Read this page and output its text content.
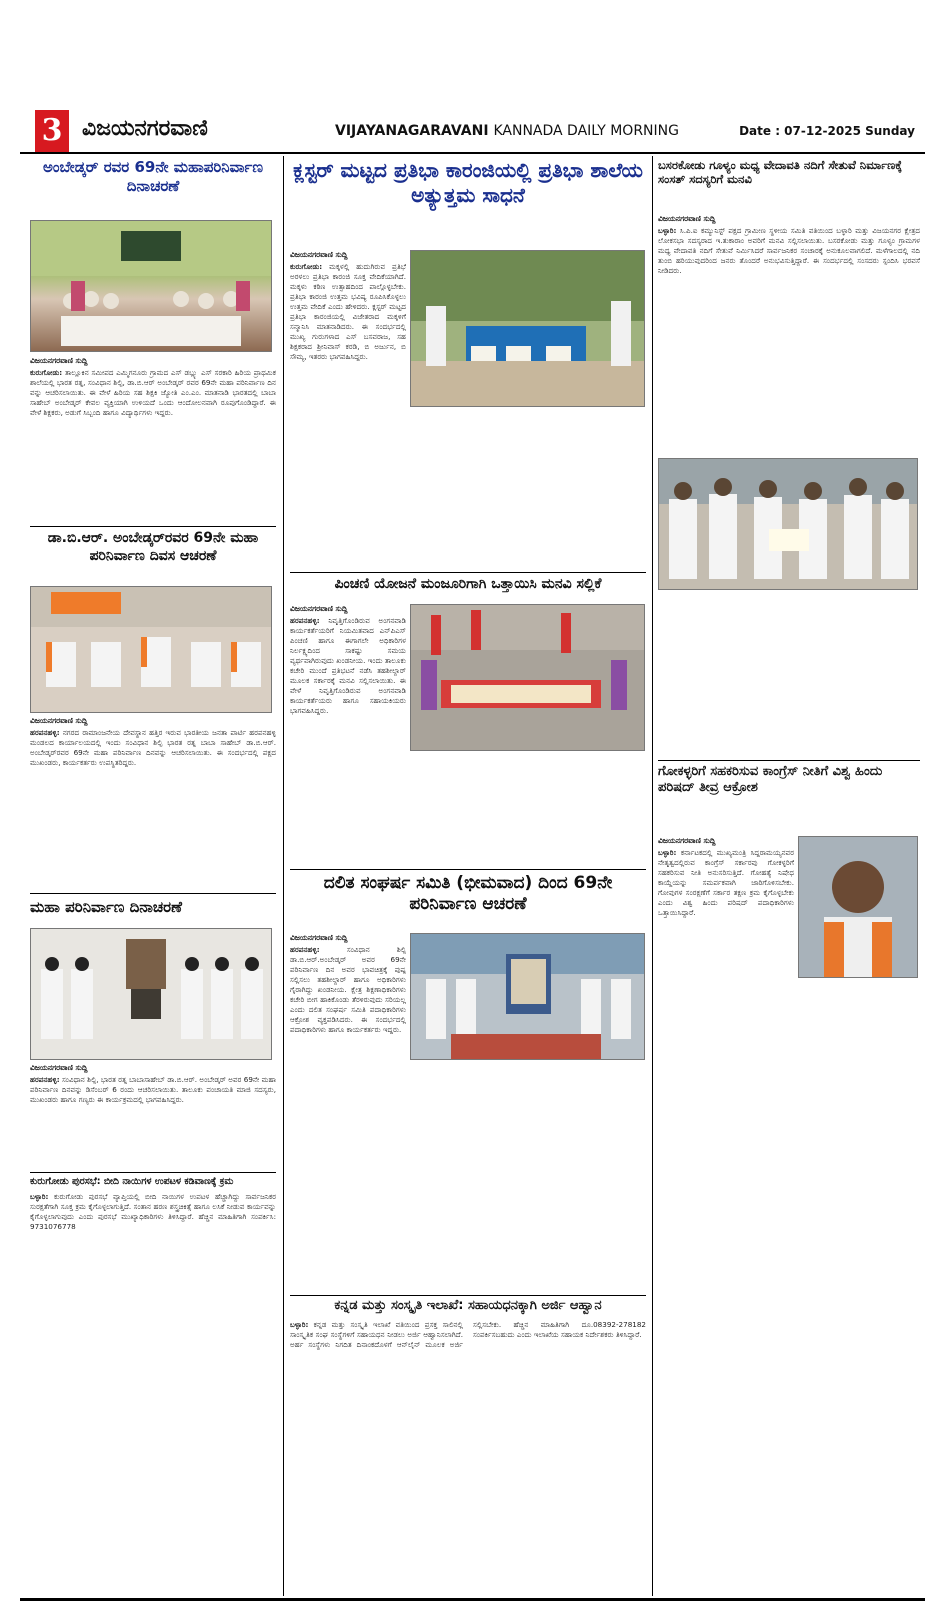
3 ವಿಜಯನಗರವಾಣಿ	VIJAYANAGARAVANI KANNADA DAILY MORNING	Date : 07-12-2025 Sunday
ಅಂಬೇಡ್ಕರ್ ರವರ 69ನೇ ಮಹಾಪರಿನಿರ್ವಾಣ ದಿನಾಚರಣೆ
ವಿಜಯನಗರವಾಣಿ ಸುದ್ದಿ
ಕುರುಗೋಡು: ತಾಲ್ಲೂಕಿನ ಸಮೀಪದ ಎಮ್ಮಿಗನೂರು ಗ್ರಾಮದ ಎಸ್ ಡಬ್ಲ್ಯು ಎಸ್ ಸರಕಾರಿ ಹಿರಿಯ ಪ್ರಾಥಮಿಕ ಶಾಲೆಯಲ್ಲಿ ಭಾರತ ರತ್ನ, ಸಂವಿಧಾನ ಶಿಲ್ಪಿ, ಡಾ.ಬಿ.ಆರ್ ಅಂಬೇಡ್ಕರ್ ರವರ 69ನೇ ಮಹಾ ಪರಿನಿರ್ವಾಣ ದಿನ ವನ್ನು ಆಚರಿಸಲಾಯಿತು. ಈ ವೇಳೆ ಹಿರಿಯ ಸಹ ಶಿಕ್ಷಕಿ ಜ್ಯೋತಿ ಎಂ.ಎಂ. ಮಾತನಾಡಿ ಭಾರತದಲ್ಲಿ ಬಾಬಾ ಸಾಹೇಬ್ ಅಂಬೇಡ್ಕರ್ ಕೇವಲ ವ್ಯಕ್ತಿಯಾಗಿ ಉಳಿಯದೆ ಒಂದು ಆಂದೋಲನವಾಗಿ ರೂಪುಗೊಂಡಿದ್ದಾರೆ. ಈ ವೇಳೆ ಶಿಕ್ಷಕರು, ಅಡುಗೆ ಸಿಬ್ಬಂದಿ ಹಾಗೂ ವಿದ್ಯಾರ್ಥಿಗಳು ಇದ್ದರು.
ಡಾ.ಬಿ.ಆರ್. ಅಂಬೇಡ್ಕರ್‌ರವರ 69ನೇ ಮಹಾ ಪರಿನಿರ್ವಾಣ ದಿವಸ ಆಚರಣೆ
ವಿಜಯನಗರವಾಣಿ ಸುದ್ದಿ
ಹರಪನಹಳ್ಳಿ: ನಗರದ ರಾಮಾಂಜನೇಯ ದೇವಸ್ಥಾನ ಹತ್ತಿರ ಇರುವ ಭಾರತೀಯ ಜನತಾ ಪಾರ್ಟಿ ಹರಪನಹಳ್ಳಿ ಮಂಡಲದ ಕಾರ್ಯಾಲಯದಲ್ಲಿ ಇಂದು ಸಂವಿಧಾನ ಶಿಲ್ಪಿ ಭಾರತ ರತ್ನ ಬಾಬಾ ಸಾಹೇಬ್ ಡಾ.ಬಿ.ಆರ್. ಅಂಬೇಡ್ಕರ್‌ರವರ 69ನೇ ಮಹಾ ಪರಿನಿರ್ವಾಣ ದಿನವನ್ನು ಆಚರಿಸಲಾಯಿತು. ಈ ಸಂದರ್ಭದಲ್ಲಿ ಪಕ್ಷದ ಮುಖಂಡರು, ಕಾರ್ಯಕರ್ತರು ಉಪಸ್ಥಿತರಿದ್ದರು.
ಮಹಾ ಪರಿನಿರ್ವಾಣ ದಿನಾಚರಣೆ
ವಿಜಯನಗರವಾಣಿ ಸುದ್ದಿ
ಹರಪನಹಳ್ಳಿ: ಸಂವಿಧಾನ ಶಿಲ್ಪಿ, ಭಾರತ ರತ್ನ ಬಾಬಾಸಾಹೇಬ್ ಡಾ.ಬಿ.ಆರ್. ಅಂಬೇಡ್ಕರ್ ಅವರ 69ನೇ ಮಹಾ ಪರಿನಿರ್ವಾಣ ದಿನವನ್ನು ಡಿಸೆಂಬರ್ 6 ರಂದು ಆಚರಿಸಲಾಯಿತು. ತಾಲೂಕು ಪಂಚಾಯತಿ ಮಾಜಿ ಸದಸ್ಯರು, ಮುಖಂಡರು ಹಾಗೂ ಗಣ್ಯರು ಈ ಕಾರ್ಯಕ್ರಮದಲ್ಲಿ ಭಾಗವಹಿಸಿದ್ದರು.
ಕುರುಗೋಡು ಪುರಸಭೆ: ಬೀದಿ ನಾಯಿಗಳ ಉಪಟಳ ಕಡಿವಾಣಕ್ಕೆ ಕ್ರಮ
ಬಳ್ಳಾರಿ: ಕುರುಗೋಡು ಪುರಸಭೆ ವ್ಯಾಪ್ತಿಯಲ್ಲಿ ಬೀದಿ ನಾಯಿಗಳ ಉಪಟಳ ಹೆಚ್ಚಾಗಿದ್ದು ಸಾರ್ವಜನಿಕರ ಸುರಕ್ಷತೆಗಾಗಿ ಸೂಕ್ತ ಕ್ರಮ ಕೈಗೊಳ್ಳಲಾಗುತ್ತಿದೆ. ಸಂತಾನ ಹರಣ ಶಸ್ತ್ರಚಿಕಿತ್ಸೆ ಹಾಗೂ ಲಸಿಕೆ ನೀಡುವ ಕಾರ್ಯವನ್ನು ಕೈಗೊಳ್ಳಲಾಗುವುದು ಎಂದು ಪುರಸಭೆ ಮುಖ್ಯಾಧಿಕಾರಿಗಳು ತಿಳಿಸಿದ್ದಾರೆ. ಹೆಚ್ಚಿನ ಮಾಹಿತಿಗಾಗಿ ಸಂಪರ್ಕಿಸಿ: 9731076778
ಕ್ಲಸ್ಟರ್ ಮಟ್ಟದ ಪ್ರತಿಭಾ ಕಾರಂಜಿಯಲ್ಲಿ ಪ್ರತಿಭಾ ಶಾಲೆಯ ಅತ್ಯುತ್ತಮ ಸಾಧನೆ
ವಿಜಯನಗರವಾಣಿ ಸುದ್ದಿ
ಕುರುಗೋಡು: ಮಕ್ಕಳಲ್ಲಿ ಹುದುಗಿರುವ ಪ್ರತಿಭೆ ಅರಳಲು ಪ್ರತಿಭಾ ಕಾರಂಜಿ ಸೂಕ್ತ ವೇದಿಕೆಯಾಗಿದೆ. ಮಕ್ಕಳು ಕಠಿಣ ಉತ್ಸಾಹದಿಂದ ಪಾಲ್ಗೊಳ್ಳಬೇಕು. ಪ್ರತಿಭಾ ಕಾರಂಜಿ ಉತ್ತಮ ಭವಿಷ್ಯ ರೂಪಿಸಿಕೊಳ್ಳಲು ಉತ್ತಮ ವೇದಿಕೆ ಎಂದು ಹೇಳಿದರು. ಕ್ಲಸ್ಟರ್ ಮಟ್ಟದ ಪ್ರತಿಭಾ ಕಾರಂಜಿಯಲ್ಲಿ ವಿಜೇತರಾದ ಮಕ್ಕಳಿಗೆ ಸನ್ಮಾನಿಸಿ ಮಾತನಾಡಿದರು. ಈ ಸಂದರ್ಭದಲ್ಲಿ ಮುಖ್ಯ ಗುರುಗಳಾದ ಎಸ್ ಬಸವರಾಜ, ಸಹ ಶಿಕ್ಷಕರಾದ ಶ್ರೀನಿವಾಸ್ ಕರಡಿ, ಬಿ ಅರ್ಜುನ, ಬಿ ಸೌಮ್ಯ, ಇತರರು ಭಾಗವಹಿಸಿದ್ದರು.
ಪಿಂಚಣಿ ಯೋಜನೆ ಮಂಜೂರಿಗಾಗಿ ಒತ್ತಾಯಿಸಿ ಮನವಿ ಸಲ್ಲಿಕೆ
ವಿಜಯನಗರವಾಣಿ ಸುದ್ದಿ
ಹರಪನಹಳ್ಳಿ: ನಿವೃತ್ತಿಗೊಂಡಿರುವ ಅಂಗನವಾಡಿ ಕಾರ್ಯಕರ್ತೆಯರಿಗೆ ನಿಯಮಿತವಾದ ಎನ್‌ಪಿಎಸ್ ಪಿಂಚಣಿ ಹಾಗೂ ಈಗಾಗಲೇ ಅಧಿಕಾರಿಗಳ ನಿರ್ಲಕ್ಷ್ಯದಿಂದ ಸಾಕಷ್ಟು ಸಮಯ ವ್ಯರ್ಥವಾಗಿರುವುದು ಖಂಡನೀಯ. ಇಂದು ತಾಲೂಕು ಕಚೇರಿ ಮುಂದೆ ಪ್ರತಿಭಟನೆ ನಡೆಸಿ ತಹಶೀಲ್ದಾರ್ ಮೂಲಕ ಸರ್ಕಾರಕ್ಕೆ ಮನವಿ ಸಲ್ಲಿಸಲಾಯಿತು. ಈ ವೇಳೆ ನಿವೃತ್ತಿಗೊಂಡಿರುವ ಅಂಗನವಾಡಿ ಕಾರ್ಯಕರ್ತೆಯರು ಹಾಗೂ ಸಹಾಯಕಿಯರು ಭಾಗವಹಿಸಿದ್ದರು.
ದಲಿತ ಸಂಘರ್ಷ ಸಮಿತಿ (ಭೀಮವಾದ) ದಿಂದ 69ನೇ ಪರಿನಿರ್ವಾಣ ಆಚರಣೆ
ವಿಜಯನಗರವಾಣಿ ಸುದ್ದಿ
ಹರಪನಹಳ್ಳಿ:	ಸಂವಿಧಾನ ಶಿಲ್ಪಿ ಡಾ.ಬಿ.ಆರ್.ಅಂಬೇಡ್ಕರ್ ಅವರ 69ನೇ ಪರಿನಿರ್ವಾಣ ದಿನ ಅವರ ಭಾವಚಿತ್ರಕ್ಕೆ ಪುಷ್ಪ ಸಲ್ಲಿಸಲು ತಹಶೀಲ್ದಾರ್ ಹಾಗೂ ಅಧಿಕಾರಿಗಳು ಗೈರಾಗಿದ್ದು ಖಂಡನೀಯ. ಕ್ಷೇತ್ರ ಶಿಕ್ಷಣಾಧಿಕಾರಿಗಳು ಕಚೇರಿ ಬೀಗ ಹಾಕಿಕೊಂಡು ತೆರಳಿರುವುದು ಸರಿಯಲ್ಲ ಎಂದು ದಲಿತ ಸಂಘರ್ಷ ಸಮಿತಿ ಪದಾಧಿಕಾರಿಗಳು ಆಕ್ರೋಶ ವ್ಯಕ್ತಪಡಿಸಿದರು. ಈ ಸಂದರ್ಭದಲ್ಲಿ ಪದಾಧಿಕಾರಿಗಳು ಹಾಗೂ ಕಾರ್ಯಕರ್ತರು ಇದ್ದರು.
ಕನ್ನಡ ಮತ್ತು ಸಂಸ್ಕೃತಿ ಇಲಾಖೆ: ಸಹಾಯಧನಕ್ಕಾಗಿ ಅರ್ಜಿ ಆಹ್ವಾನ
ಬಳ್ಳಾರಿ: ಕನ್ನಡ ಮತ್ತು ಸಂಸ್ಕೃತಿ ಇಲಾಖೆ ವತಿಯಿಂದ ಪ್ರಸಕ್ತ ಸಾಲಿನಲ್ಲಿ ಸಾಂಸ್ಕೃತಿಕ ಸಂಘ ಸಂಸ್ಥೆಗಳಿಗೆ ಸಹಾಯಧನ ನೀಡಲು ಅರ್ಜಿ ಆಹ್ವಾನಿಸಲಾಗಿದೆ. ಅರ್ಹ ಸಂಸ್ಥೆಗಳು ನಿಗದಿತ ದಿನಾಂಕದೊಳಗೆ ಆನ್‌ಲೈನ್ ಮೂಲಕ ಅರ್ಜಿ ಸಲ್ಲಿಸಬೇಕು. ಹೆಚ್ಚಿನ ಮಾಹಿತಿಗಾಗಿ ದೂ.08392-278182 ಸಂಪರ್ಕಿಸಬಹುದು ಎಂದು ಇಲಾಖೆಯ ಸಹಾಯಕ ನಿರ್ದೇಶಕರು ತಿಳಿಸಿದ್ದಾರೆ.
ಬಸರಕೋಡು ಗೂಳ್ಯಂ ಮಧ್ಯ ವೇದಾವತಿ ನದಿಗೆ ಸೇತುವೆ ನಿರ್ಮಾಣಕ್ಕೆ ಸಂಸತ್ ಸದಸ್ಯರಿಗೆ ಮನವಿ
ವಿಜಯನಗರವಾಣಿ ಸುದ್ದಿ
ಬಳ್ಳಾರಿ: ಸಿ.ಪಿ.ಐ ಕಮ್ಯುನಿಸ್ಟ್ ಪಕ್ಷದ ಗ್ರಾಮೀಣ ಸ್ಥಳೀಯ ಸಮಿತಿ ವತಿಯಿಂದ ಬಳ್ಳಾರಿ ಮತ್ತು ವಿಜಯನಗರ ಕ್ಷೇತ್ರದ ಲೋಕಸಭಾ ಸದಸ್ಯರಾದ ಇ.ತುಕಾರಾಂ ಅವರಿಗೆ ಮನವಿ ಸಲ್ಲಿಸಲಾಯಿತು. ಬಸರಕೋಡು ಮತ್ತು ಗೂಳ್ಯಂ ಗ್ರಾಮಗಳ ಮಧ್ಯ ವೇದಾವತಿ ನದಿಗೆ ಸೇತುವೆ ನಿರ್ಮಿಸಿದರೆ ಸಾರ್ವಜನಿಕರ ಸಂಚಾರಕ್ಕೆ ಅನುಕೂಲವಾಗಲಿದೆ. ಮಳೆಗಾಲದಲ್ಲಿ ನದಿ ತುಂಬಿ ಹರಿಯುವುದರಿಂದ ಜನರು ತೊಂದರೆ ಅನುಭವಿಸುತ್ತಿದ್ದಾರೆ. ಈ ಸಂದರ್ಭದಲ್ಲಿ ಸಂಸದರು ಸ್ಪಂದಿಸಿ ಭರವಸೆ ನೀಡಿದರು.
ಗೋಕಳ್ಳರಿಗೆ ಸಹಕರಿಸುವ ಕಾಂಗ್ರೆಸ್ ನೀತಿಗೆ ವಿಶ್ವ ಹಿಂದು ಪರಿಷದ್ ತೀವ್ರ ಆಕ್ರೋಶ
ವಿಜಯನಗರವಾಣಿ ಸುದ್ದಿ
ಬಳ್ಳಾರಿ: ಕರ್ನಾಟಕದಲ್ಲಿ ಮುಖ್ಯಮಂತ್ರಿ ಸಿದ್ದರಾಮಯ್ಯನವರ ನೇತೃತ್ವದಲ್ಲಿರುವ ಕಾಂಗ್ರೆಸ್ ಸರ್ಕಾರವು ಗೋಕಳ್ಳರಿಗೆ ಸಹಕರಿಸುವ ನೀತಿ ಅನುಸರಿಸುತ್ತಿದೆ. ಗೋಹತ್ಯೆ ನಿಷೇಧ ಕಾಯ್ದೆಯನ್ನು ಸಮರ್ಪಕವಾಗಿ ಜಾರಿಗೊಳಿಸಬೇಕು. ಗೋವುಗಳ ಸಂರಕ್ಷಣೆಗೆ ಸರ್ಕಾರ ತಕ್ಷಣ ಕ್ರಮ ಕೈಗೊಳ್ಳಬೇಕು ಎಂದು ವಿಶ್ವ ಹಿಂದು ಪರಿಷದ್ ಪದಾಧಿಕಾರಿಗಳು ಒತ್ತಾಯಿಸಿದ್ದಾರೆ.
